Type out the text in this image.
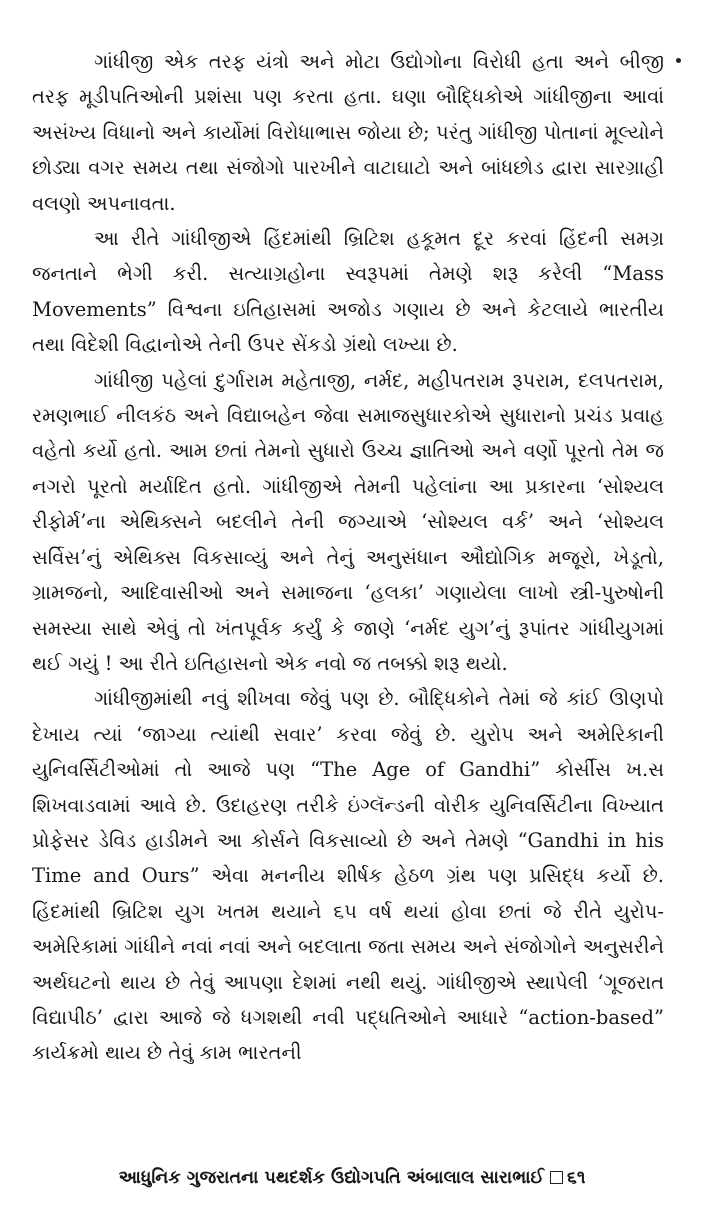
ગાંધીજી એક તરફ યંત્રો અને મોટા ઉદ્યોગોના વિરોધી હતા અને બીજી તરફ મૂડીપતિઓની પ્રશંસા પણ કરતા હતા. ઘણા બૌદ્ધિકોએ ગાંધીજીના આવાં અસંખ્ય વિધાનો અને કાર્યોમાં વિરોધાભાસ જોયા છે; પરંતુ ગાંધીજી પોતાનાં મૂલ્યોને છોડ્યા વગર સમય તથા સંજોગો પારખીને વાટાઘાટો અને બાંધછોડ દ્વારા સારગ્રાહી વલણો અપનાવતા.

આ રીતે ગાંધીજીએ હિંદમાંથી બ્રિટિશ હકૂમત દૂર કરવાં હિંદની સમગ્ર જનતાને ભેગી કરી. સત્યાગ્રહોના સ્વરૂપમાં તેમણે શરૂ કરેલી “Mass Movements” વિશ્વના ઇતિહાસમાં અજોડ ગણાય છે અને કેટલાયે ભારતીય તથા વિદેશી વિદ્વાનોએ તેની ઉપર સેંકડો ગ્રંથો લખ્યા છે.

ગાંધીજી પહેલાં દુર્ગારામ મહેતાજી, નર્મદ, મહીપતરામ રૂપરામ, દલપતરામ, રમણભાઈ નીલકંઠ અને વિદ્યાબહેન જેવા સમાજસુધારકોએ સુધારાનો પ્રચંડ પ્રવાહ વહેતો કર્યો હતો. આમ છતાં તેમનો સુધારો ઉચ્ચ જ્ઞાતિઓ અને વર્ણો પૂરતો તેમ જ નગરો પૂરતો મર્યાદિત હતો. ગાંધીજીએ તેમની પહેલાંના આ પ્રકારના ‘સોશ્યલ રીફોર્મ’ના એથિક્સને બદલીને તેની જગ્યાએ ‘સોશ્યલ વર્ક’ અને ‘સોશ્યલ સર્વિસ’નું એથિક્સ વિકસાવ્યું અને તેનું અનુસંધાન ઔદ્યોગિક મજૂરો, ખેડૂતો, ગ્રામજનો, આદિવાસીઓ અને સમાજના ‘હલકા’ ગણાયેલા લાખો સ્ત્રી-પુરુષોની સમસ્યા સાથે એવું તો ખંતપૂર્વક કર્યું કે જાણે ‘નર્મદ યુગ’નું રૂપાંતર ગાંધીયુગમાં થઈ ગયું ! આ રીતે ઇતિહાસનો એક નવો જ તબક્કો શરૂ થયો.

ગાંધીજીમાંથી નવું શીખવા જેવું પણ છે. બૌદ્ધિકોને તેમાં જે કાંઈ ઊણપો દેખાય ત્યાં ‘જાગ્યા ત્યાંથી સવાર’ કરવા જેવું છે. યુરોપ અને અમેરિકાની યુનિવર્સિટીઓમાં તો આજે પણ “The Age of Gandhi” કોર્સીસ ખ.સ શિખવાડવામાં આવે છે. ઉદાહરણ તરીકે ઇંગ્લૅન્ડની વોરીક યુનિવર્સિટીના વિખ્યાત પ્રોફેસર ડેવિડ હાડીમને આ કોર્સને વિકસાવ્યો છે અને તેમણે “Gandhi in his Time and Ours” એવા મનનીય શીર્ષક હેઠળ ગ્રંથ પણ પ્રસિદ્ધ કર્યો છે. હિંદમાંથી બ્રિટિશ યુગ ખતમ થયાને ૬૫ વર્ષ થયાં હોવા છતાં જે રીતે યુરોપ-અમેરિકામાં ગાંધીને નવાં નવાં અને બદલાતા જતા સમય અને સંજોગોને અનુસરીને અર્થઘટનો થાય છે તેવું આપણા દેશમાં નથી થયું. ગાંધીજીએ સ્થાપેલી ‘ગૂજરાત વિદ્યાપીઠ’ દ્વારા આજે જે ધગશથી નવી પદ્ધતિઓને આધારે “action-based” કાર્યક્રમો થાય છે તેવું કામ ભારતની

આધુનિક ગુજરાતના પથદર્શક ઉદ્યોગપતિ અંબાલાલ સારાભાઈ ૬૧
